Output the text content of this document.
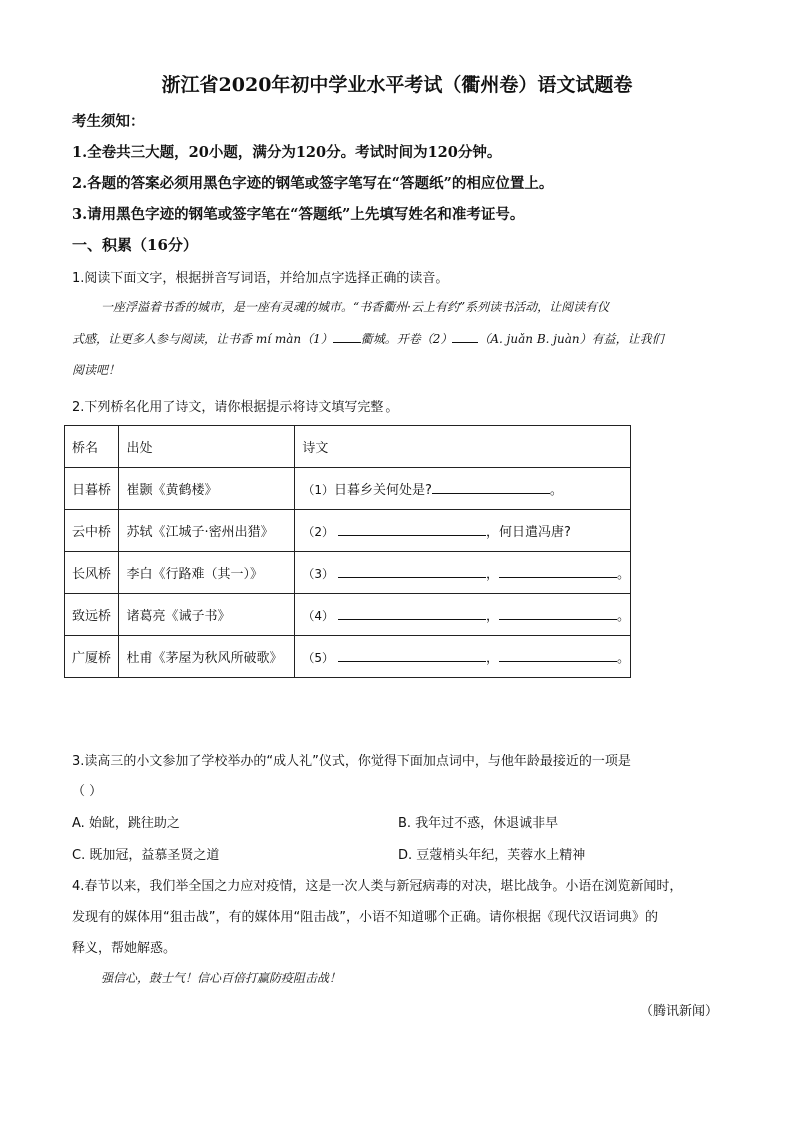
浙江省2020年初中学业水平考试（衢州卷）语文试题卷
考生须知：
1.全卷共三大题，20小题，满分为120分。考试时间为120分钟。
2.各题的答案必须用黑色字迹的钢笔或签字笔写在“答题纸”的相应位置上。
3.请用黑色字迹的钢笔或签字笔在“答题纸”上先填写姓名和准考证号。
一、积累（16分）
1.阅读下面文字，根据拼音写词语，并给加点字选择正确的读音。
一座浮溢着书香的城市，是一座有灵魂的城市。“书香衢州·云上有约”系列读书活动，让阅读有仪
式感，让更多人参与阅读，让书香 mí màn（1） 衢城。开卷（2） （A. juǎn B. juàn）有益，让我们
阅读吧！
2.下列桥名化用了诗文，请你根据提示将诗文填写完整 。
桥名	出处	诗文
日暮桥	崔颢《黄鹤楼》	（1）日暮乡关何处是? 。
云中桥	苏轼《江城子·密州出猎》	（2） ，何日遣冯唐?
长风桥	李白《行路难（其一）》	（3） ， 。
致远桥	诸葛亮《诫子书》	（4） ， 。
广厦桥	杜甫《茅屋为秋风所破歌》	（5） ， 。
3.读高三的小文参加了学校举办的“成人礼”仪式，你觉得下面加点词中，与他年龄最接近的一项是
（ ）
A. 始龀，跳往助之	B. 我年过不惑，休退诚非早
C. 既加冠，益慕圣贤之道	D. 豆蔻梢头年纪，芙蓉水上精神
4.春节以来，我们举全国之力应对疫情，这是一次人类与新冠病毒的对决，堪比战争。小语在浏览新闻时，
发现有的媒体用“狙击战”，有的媒体用“阻击战”，小语不知道哪个正确。请你根据《现代汉语词典》的
释义，帮她解惑。
强信心，鼓士气！信心百倍打赢防疫阻击战！
（腾讯新闻）
